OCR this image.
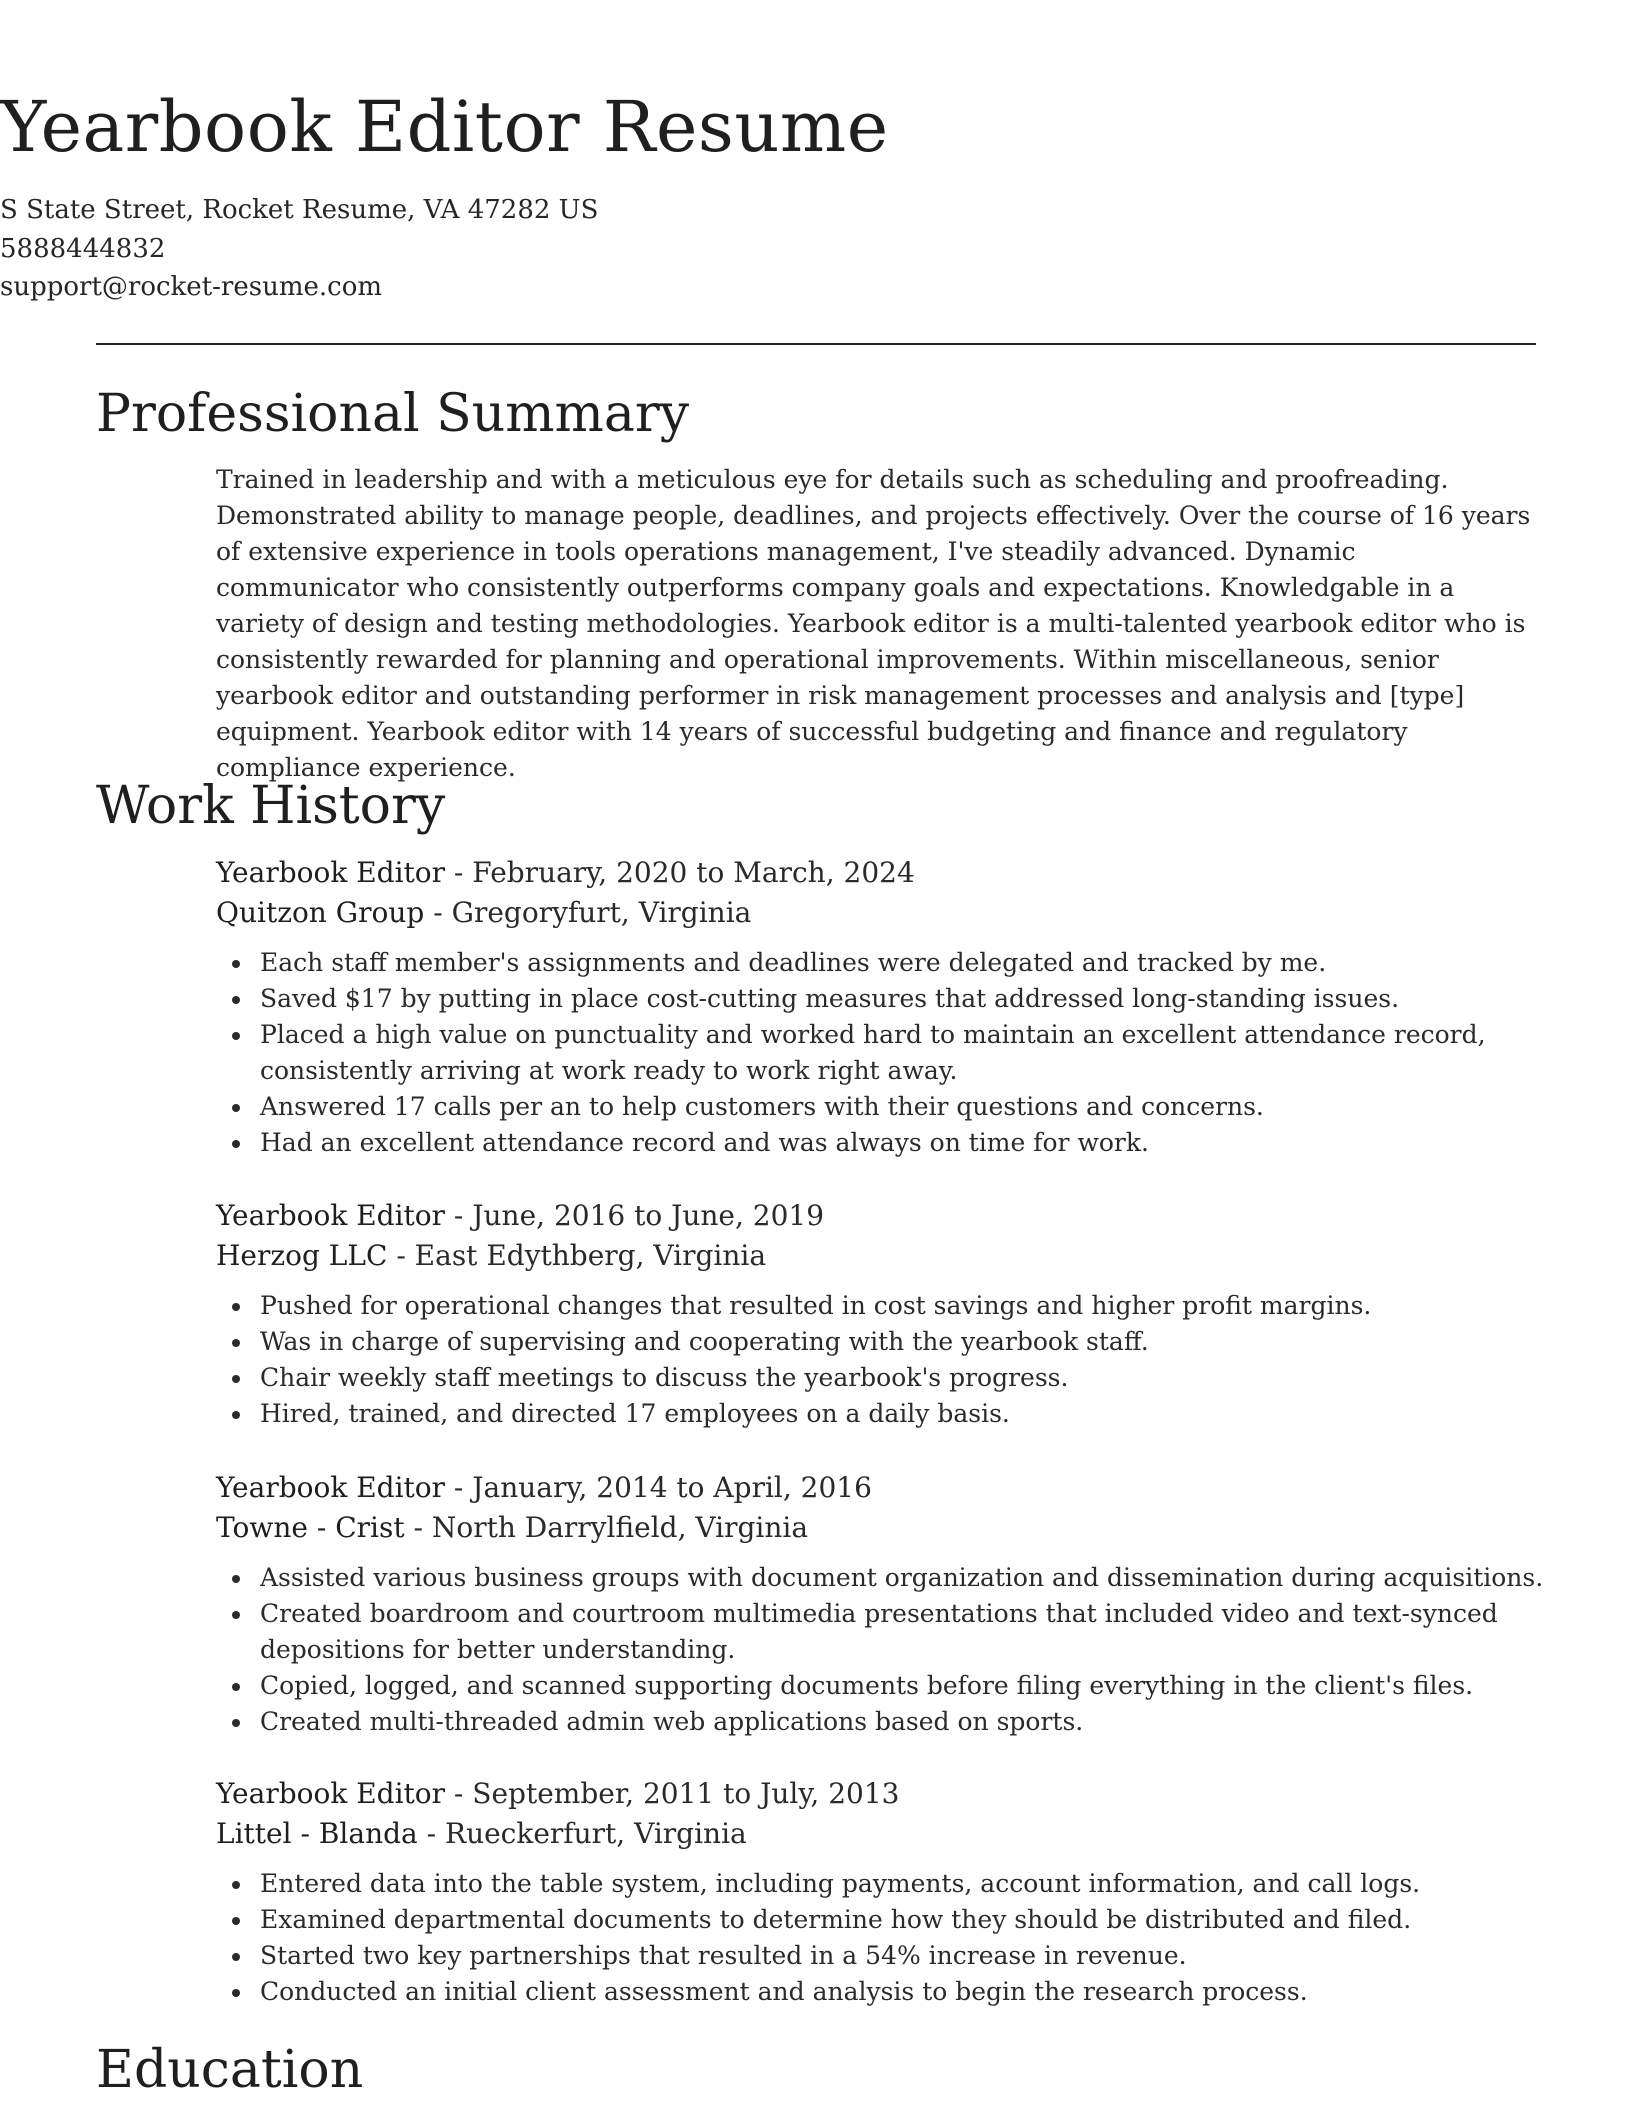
Yearbook Editor Resume
S State Street, Rocket Resume, VA 47282 US
5888444832
support@rocket-resume.com
Professional Summary

Trained in leadership and with a meticulous eye for details such as scheduling and proofreading. Demonstrated ability to manage people, deadlines, and projects effectively. Over the course of 16 years of extensive experience in tools operations management, I've steadily advanced. Dynamic communicator who consistently outperforms company goals and expectations. Knowledgable in a variety of design and testing methodologies. Yearbook editor is a multi-talented yearbook editor who is consistently rewarded for planning and operational improvements. Within miscellaneous, senior yearbook editor and outstanding performer in risk management processes and analysis and [type] equipment. Yearbook editor with 14 years of successful budgeting and finance and regulatory compliance experience.

Work History
Yearbook Editor - February, 2020 to March, 2024
Quitzon Group - Gregoryfurt, Virginia
Each staff member's assignments and deadlines were delegated and tracked by me.
Saved $17 by putting in place cost-cutting measures that addressed long-standing issues.
Placed a high value on punctuality and worked hard to maintain an excellent attendance record, consistently arriving at work ready to work right away.
Answered 17 calls per an to help customers with their questions and concerns.
Had an excellent attendance record and was always on time for work.
Yearbook Editor - June, 2016 to June, 2019
Herzog LLC - East Edythberg, Virginia
Pushed for operational changes that resulted in cost savings and higher profit margins.
Was in charge of supervising and cooperating with the yearbook staff.
Chair weekly staff meetings to discuss the yearbook's progress.
Hired, trained, and directed 17 employees on a daily basis.
Yearbook Editor - January, 2014 to April, 2016
Towne - Crist - North Darrylfield, Virginia
Assisted various business groups with document organization and dissemination during acquisitions.
Created boardroom and courtroom multimedia presentations that included video and text-synced depositions for better understanding.
Copied, logged, and scanned supporting documents before filing everything in the client's files.
Created multi-threaded admin web applications based on sports.
Yearbook Editor - September, 2011 to July, 2013
Littel - Blanda - Rueckerfurt, Virginia
Entered data into the table system, including payments, account information, and call logs.
Examined departmental documents to determine how they should be distributed and filed.
Started two key partnerships that resulted in a 54% increase in revenue.
Conducted an initial client assessment and analysis to begin the research process.
Education
